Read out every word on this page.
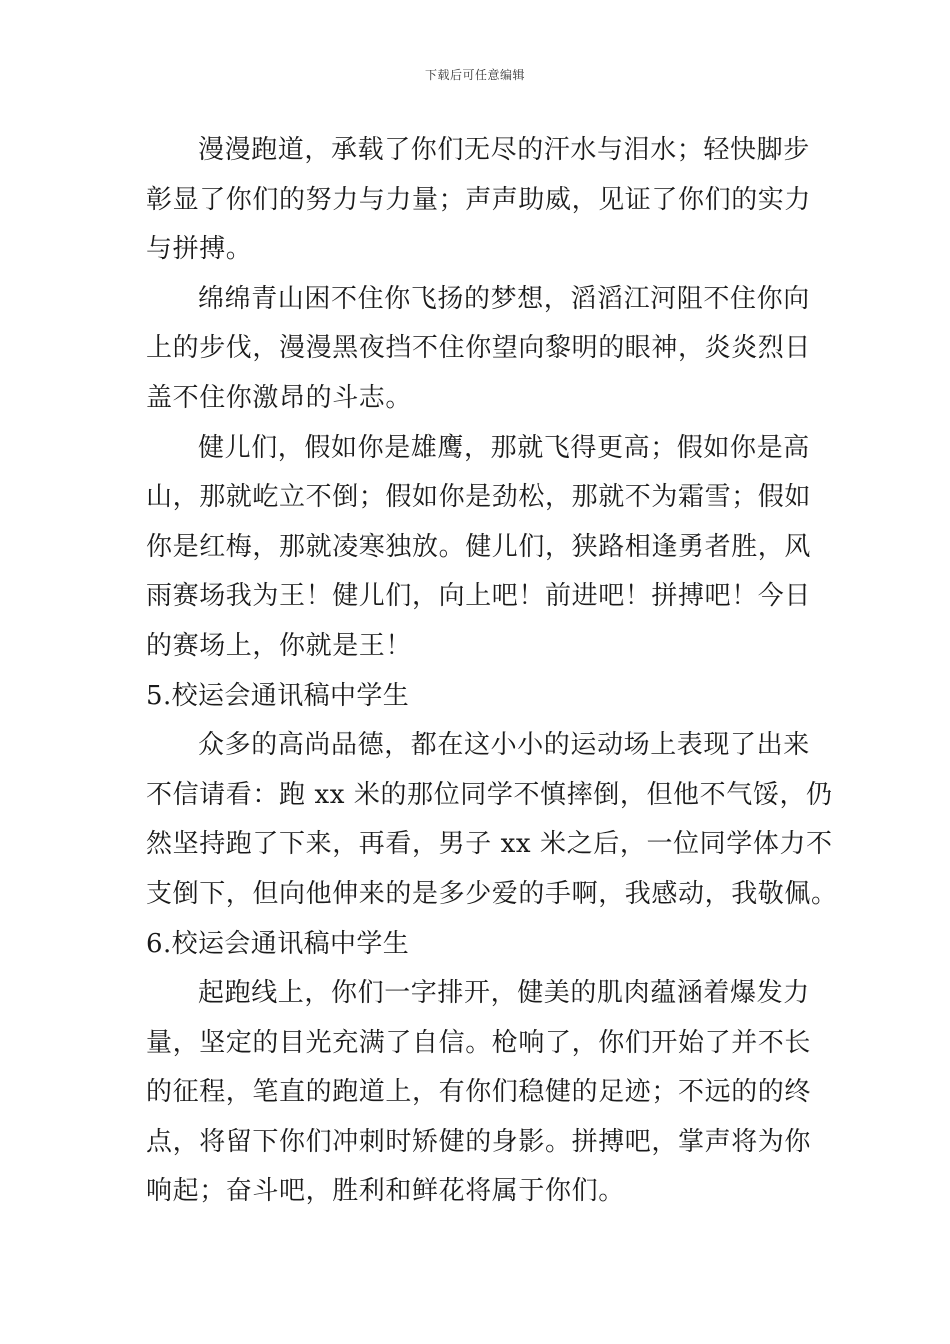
下载后可任意编辑
漫漫跑道，承载了你们无尽的汗水与泪水；轻快脚步
彰显了你们的努力与力量；声声助威，见证了你们的实力
与拼搏。
绵绵青山困不住你飞扬的梦想，滔滔江河阻不住你向
上的步伐，漫漫黑夜挡不住你望向黎明的眼神，炎炎烈日
盖不住你激昂的斗志。
健儿们，假如你是雄鹰，那就飞得更高；假如你是高
山，那就屹立不倒；假如你是劲松，那就不为霜雪；假如
你是红梅，那就凌寒独放。健儿们，狭路相逢勇者胜，风
雨赛场我为王！健儿们，向上吧！前进吧！拼搏吧！今日
的赛场上，你就是王！
5.校运会通讯稿中学生
众多的高尚品德，都在这小小的运动场上表现了出来
不信请看：跑 xx 米的那位同学不慎摔倒，但他不气馁，仍
然坚持跑了下来，再看，男子 xx 米之后，一位同学体力不
支倒下，但向他伸来的是多少爱的手啊，我感动，我敬佩。
6.校运会通讯稿中学生
起跑线上，你们一字排开，健美的肌肉蕴涵着爆发力
量，坚定的目光充满了自信。枪响了，你们开始了并不长
的征程，笔直的跑道上，有你们稳健的足迹；不远的的终
点，将留下你们冲刺时矫健的身影。拼搏吧，掌声将为你
响起；奋斗吧，胜利和鲜花将属于你们。
